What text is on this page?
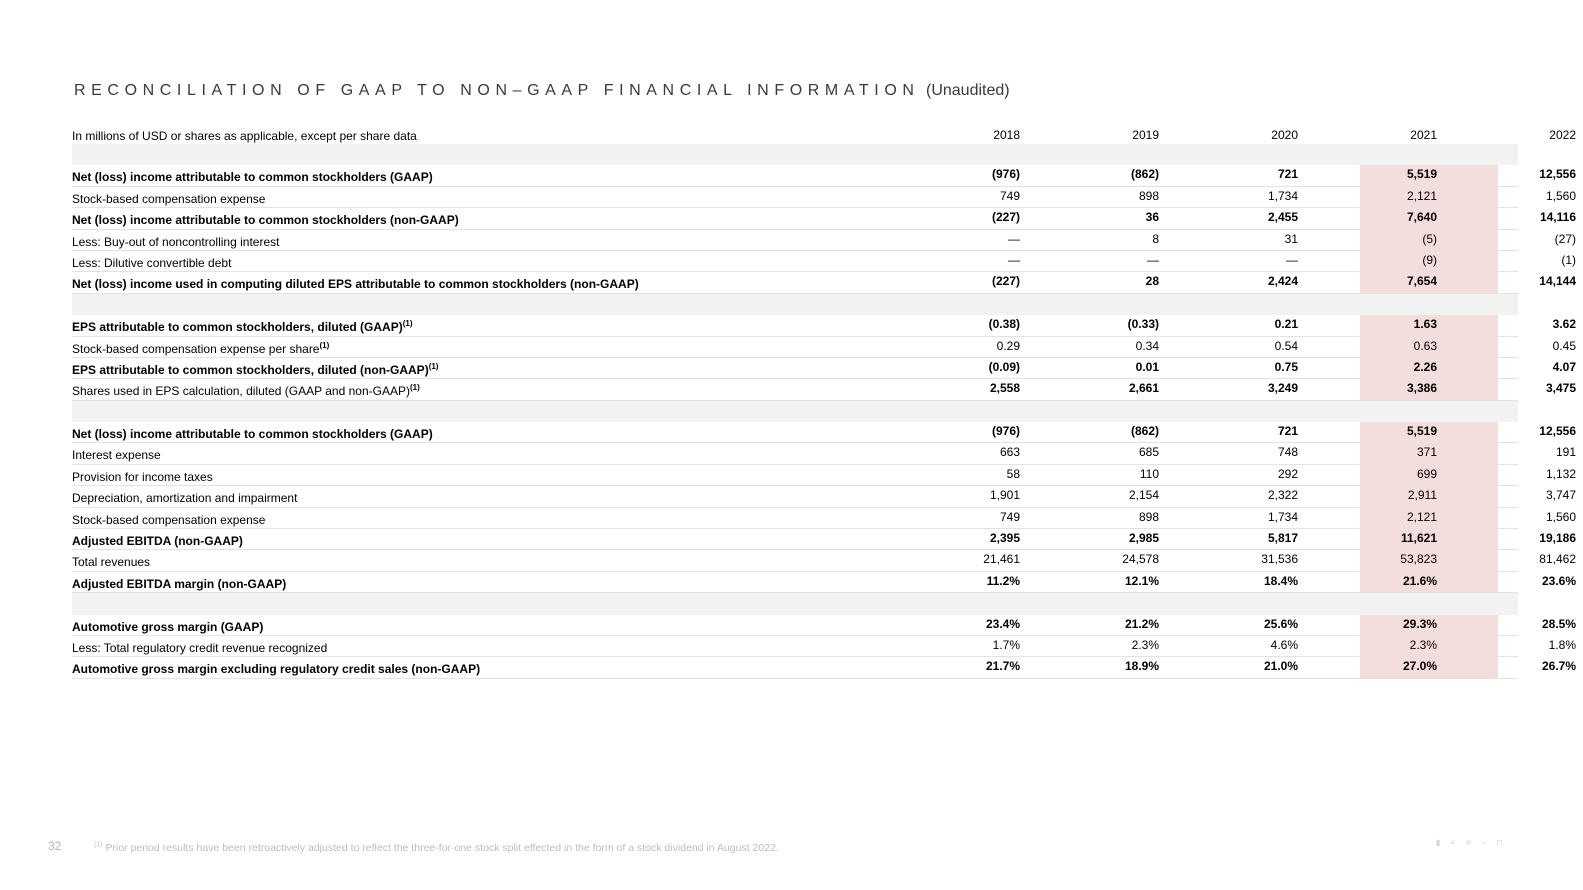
RECONCILIATION OF GAAP TO NON–GAAP FINANCIAL INFORMATION (Unaudited)
In millions of USD or shares as applicable, except per share data	2018	2019	2020	2021	2022
Net (loss) income attributable to common stockholders (GAAP)	(976)	(862)	721	5,519	12,556
Stock-based compensation expense	749	898	1,734	2,121	1,560
Net (loss) income attributable to common stockholders (non-GAAP)	(227)	36	2,455	7,640	14,116
Less: Buy-out of noncontrolling interest	—	8	31	(5)	(27)
Less: Dilutive convertible debt	—	—	—	(9)	(1)
Net (loss) income used in computing diluted EPS attributable to common stockholders (non-GAAP)	(227)	28	2,424	7,654	14,144
EPS attributable to common stockholders, diluted (GAAP)$^{(1)}$	(0.38)	(0.33)	0.21	1.63	3.62
Stock-based compensation expense per share$^{(1)}$	0.29	0.34	0.54	0.63	0.45
EPS attributable to common stockholders, diluted (non-GAAP)$^{(1)}$	(0.09)	0.01	0.75	2.26	4.07
Shares used in EPS calculation, diluted (GAAP and non-GAAP)$^{(1)}$	2,558	2,661	3,249	3,386	3,475
Net (loss) income attributable to common stockholders (GAAP)	(976)	(862)	721	5,519	12,556
Interest expense	663	685	748	371	191
Provision for income taxes	58	110	292	699	1,132
Depreciation, amortization and impairment	1,901	2,154	2,322	2,911	3,747
Stock-based compensation expense	749	898	1,734	2,121	1,560
Adjusted EBITDA (non-GAAP)	2,395	2,985	5,817	11,621	19,186
Total revenues	21,461	24,578	31,536	53,823	81,462
Adjusted EBITDA margin (non-GAAP)	11.2%	12.1%	18.4%	21.6%	23.6%
Automotive gross margin (GAAP)	23.4%	21.2%	25.6%	29.3%	28.5%
Less: Total regulatory credit revenue recognized	1.7%	2.3%	4.6%	2.3%	1.8%
Automotive gross margin excluding regulatory credit sales (non-GAAP)	21.7%	18.9%	21.0%	27.0%	26.7%
32	$^{(1)}$ Prior period results have been retroactively adjusted to reflect the three-for-one stock split effected in the form of a stock dividend in August 2022.	▮ ≡ ≋ ⌐ ⊓
